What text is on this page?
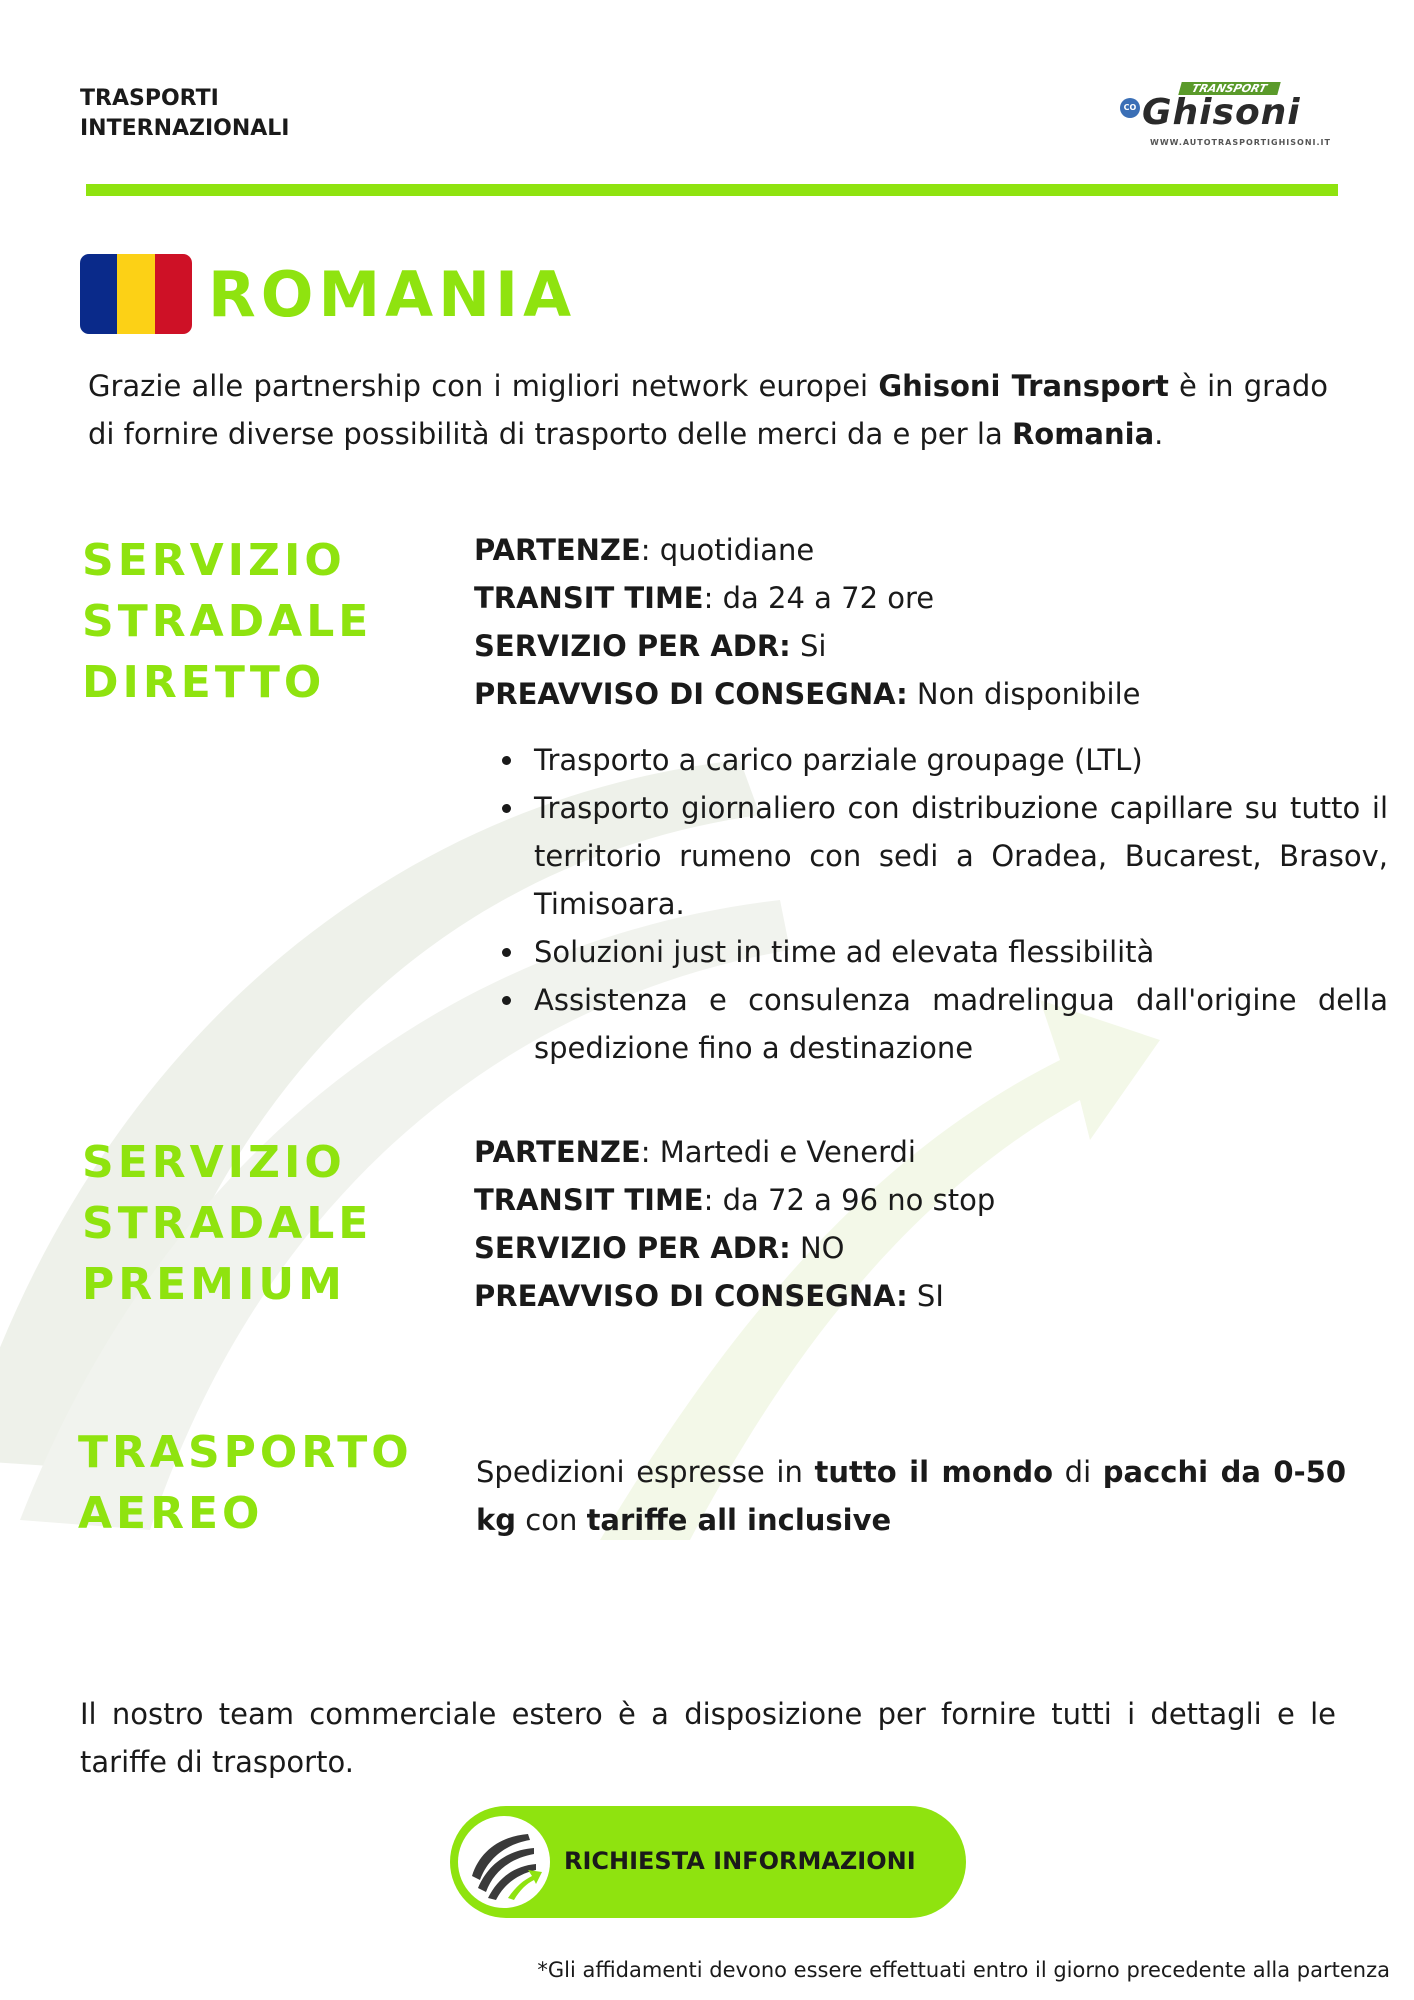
TRASPORTI
INTERNAZIONALI
CO
TRANSPORT
Ghisoni
WWW.AUTOTRASPORTIGHISONI.IT
ROMANIA
Grazie alle partnership con i migliori network europei Ghisoni Transport è in grado di fornire diverse possibilità di trasporto delle merci da e per la Romania.
SERVIZIO
STRADALE
DIRETTO
PARTENZE: quotidiane
TRANSIT TIME: da 24 a 72 ore
SERVIZIO PER ADR: Si
PREAVVISO DI CONSEGNA: Non disponibile
Trasporto a carico parziale groupage (LTL)
Trasporto giornaliero con distribuzione capillare su tutto il territorio rumeno con sedi a Oradea, Bucarest, Brasov, Timisoara.
Soluzioni just in time ad elevata flessibilità
Assistenza e consulenza madrelingua dall'origine della spedizione fino a destinazione
SERVIZIO
STRADALE
PREMIUM
PARTENZE: Martedi e Venerdi
TRANSIT TIME: da 72 a 96 no stop
SERVIZIO PER ADR: NO
PREAVVISO DI CONSEGNA: SI
TRASPORTO
AEREO
Spedizioni espresse in tutto il mondo di pacchi da 0-50 kg con tariffe all inclusive
Il nostro team commerciale estero è a disposizione per fornire tutti i dettagli e le tariffe di trasporto.
RICHIESTA INFORMAZIONI
*Gli affidamenti devono essere effettuati entro il giorno precedente alla partenza
